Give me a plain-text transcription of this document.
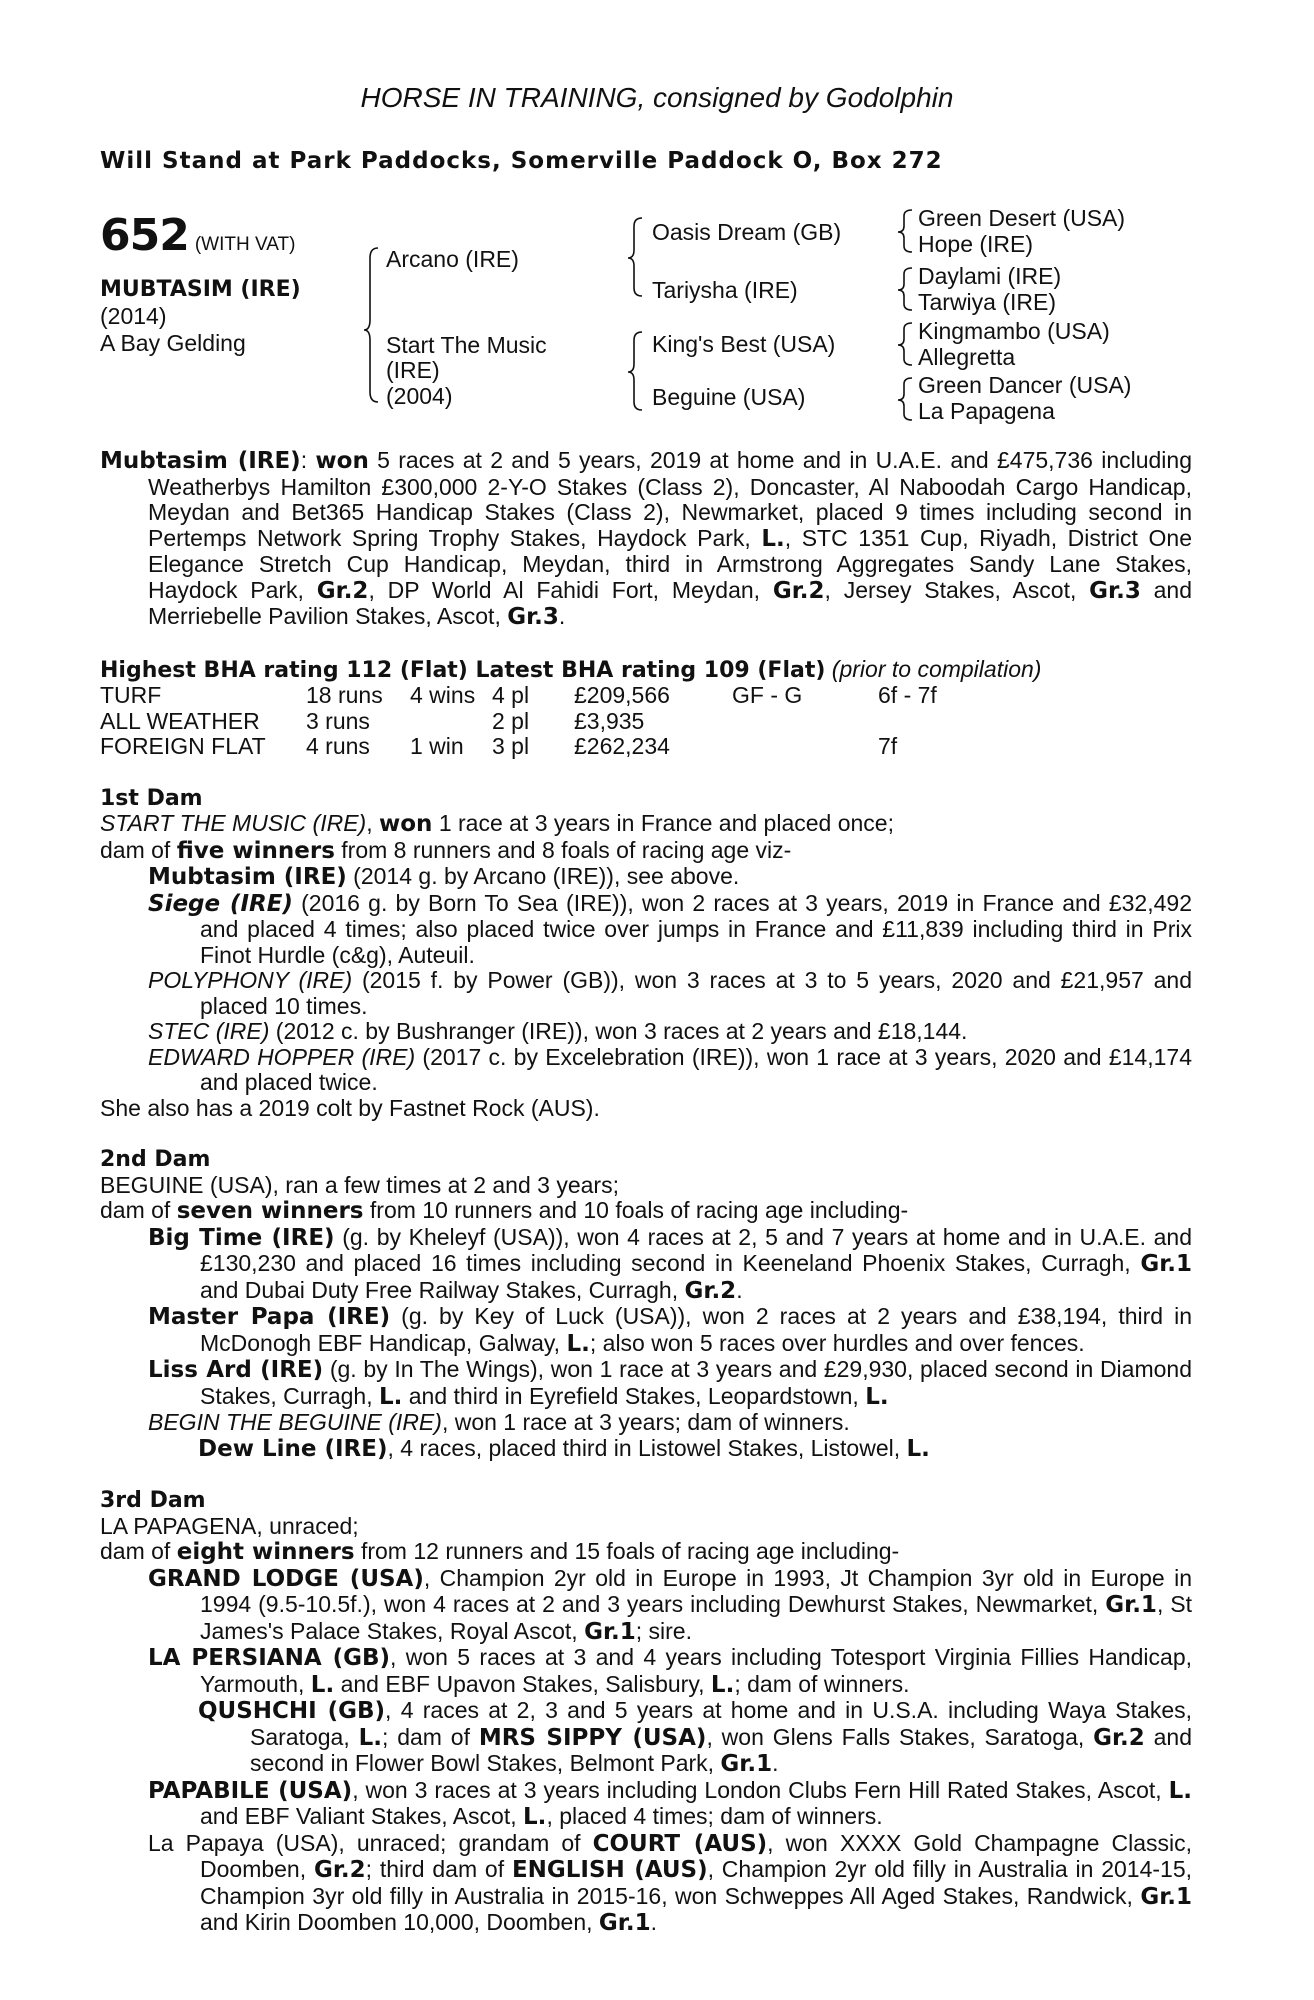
HORSE IN TRAINING, consigned by Godolphin
Will Stand at Park Paddocks, Somerville Paddock O, Box 272
652 (WITH VAT)
MUBTASIM (IRE)
(2014)
A Bay Gelding
Arcano (IRE)
Start The Music
(IRE)
(2004)
Oasis Dream (GB)
Tariysha (IRE)
King's Best (USA)
Beguine (USA)
Green Desert (USA)
Hope (IRE)
Daylami (IRE)
Tarwiya (IRE)
Kingmambo (USA)
Allegretta
Green Dancer (USA)
La Papagena
Mubtasim (IRE): won 5 races at 2 and 5 years, 2019 at home and in U.A.E. and £475,736 including Weatherbys Hamilton £300,000 2-Y-O Stakes (Class 2), Doncaster, Al Naboodah Cargo Handicap, Meydan and Bet365 Handicap Stakes (Class 2), Newmarket, placed 9 times including second in Pertemps Network Spring Trophy Stakes, Haydock Park, L., STC 1351 Cup, Riyadh, District One Elegance Stretch Cup Handicap, Meydan, third in Armstrong Aggregates Sandy Lane Stakes, Haydock Park, Gr.2, DP World Al Fahidi Fort, Meydan, Gr.2, Jersey Stakes, Ascot, Gr.3 and Merriebelle Pavilion Stakes, Ascot, Gr.3.
Highest BHA rating 112 (Flat) Latest BHA rating 109 (Flat) (prior to compilation)
TURF	18 runs	4 wins	4 pl	£209,566	GF - G	6f - 7f
ALL WEATHER	3 runs		2 pl	£3,935		
FOREIGN FLAT	4 runs	1 win	3 pl	£262,234		7f
1st Dam
START THE MUSIC (IRE), won 1 race at 3 years in France and placed once;
dam of five winners from 8 runners and 8 foals of racing age viz-
Mubtasim (IRE) (2014 g. by Arcano (IRE)), see above.
Siege (IRE) (2016 g. by Born To Sea (IRE)), won 2 races at 3 years, 2019 in France and £32,492 and placed 4 times; also placed twice over jumps in France and £11,839 including third in Prix Finot Hurdle (c&g), Auteuil.
POLYPHONY (IRE) (2015 f. by Power (GB)), won 3 races at 3 to 5 years, 2020 and £21,957 and placed 10 times.
STEC (IRE) (2012 c. by Bushranger (IRE)), won 3 races at 2 years and £18,144.
EDWARD HOPPER (IRE) (2017 c. by Excelebration (IRE)), won 1 race at 3 years, 2020 and £14,174 and placed twice.
She also has a 2019 colt by Fastnet Rock (AUS).
2nd Dam
BEGUINE (USA), ran a few times at 2 and 3 years;
dam of seven winners from 10 runners and 10 foals of racing age including-
Big Time (IRE) (g. by Kheleyf (USA)), won 4 races at 2, 5 and 7 years at home and in U.A.E. and £130,230 and placed 16 times including second in Keeneland Phoenix Stakes, Curragh, Gr.1 and Dubai Duty Free Railway Stakes, Curragh, Gr.2.
Master Papa (IRE) (g. by Key of Luck (USA)), won 2 races at 2 years and £38,194, third in McDonogh EBF Handicap, Galway, L.; also won 5 races over hurdles and over fences.
Liss Ard (IRE) (g. by In The Wings), won 1 race at 3 years and £29,930, placed second in Diamond Stakes, Curragh, L. and third in Eyrefield Stakes, Leopardstown, L.
BEGIN THE BEGUINE (IRE), won 1 race at 3 years; dam of winners.
Dew Line (IRE), 4 races, placed third in Listowel Stakes, Listowel, L.
3rd Dam
LA PAPAGENA, unraced;
dam of eight winners from 12 runners and 15 foals of racing age including-
GRAND LODGE (USA), Champion 2yr old in Europe in 1993, Jt Champion 3yr old in Europe in 1994 (9.5-10.5f.), won 4 races at 2 and 3 years including Dewhurst Stakes, Newmarket, Gr.1, St James's Palace Stakes, Royal Ascot, Gr.1; sire.
LA PERSIANA (GB), won 5 races at 3 and 4 years including Totesport Virginia Fillies Handicap, Yarmouth, L. and EBF Upavon Stakes, Salisbury, L.; dam of winners.
QUSHCHI (GB), 4 races at 2, 3 and 5 years at home and in U.S.A. including Waya Stakes, Saratoga, L.; dam of MRS SIPPY (USA), won Glens Falls Stakes, Saratoga, Gr.2 and second in Flower Bowl Stakes, Belmont Park, Gr.1.
PAPABILE (USA), won 3 races at 3 years including London Clubs Fern Hill Rated Stakes, Ascot, L. and EBF Valiant Stakes, Ascot, L., placed 4 times; dam of winners.
La Papaya (USA), unraced; grandam of COURT (AUS), won XXXX Gold Champagne Classic, Doomben, Gr.2; third dam of ENGLISH (AUS), Champion 2yr old filly in Australia in 2014-15, Champion 3yr old filly in Australia in 2015-16, won Schweppes All Aged Stakes, Randwick, Gr.1 and Kirin Doomben 10,000, Doomben, Gr.1.
